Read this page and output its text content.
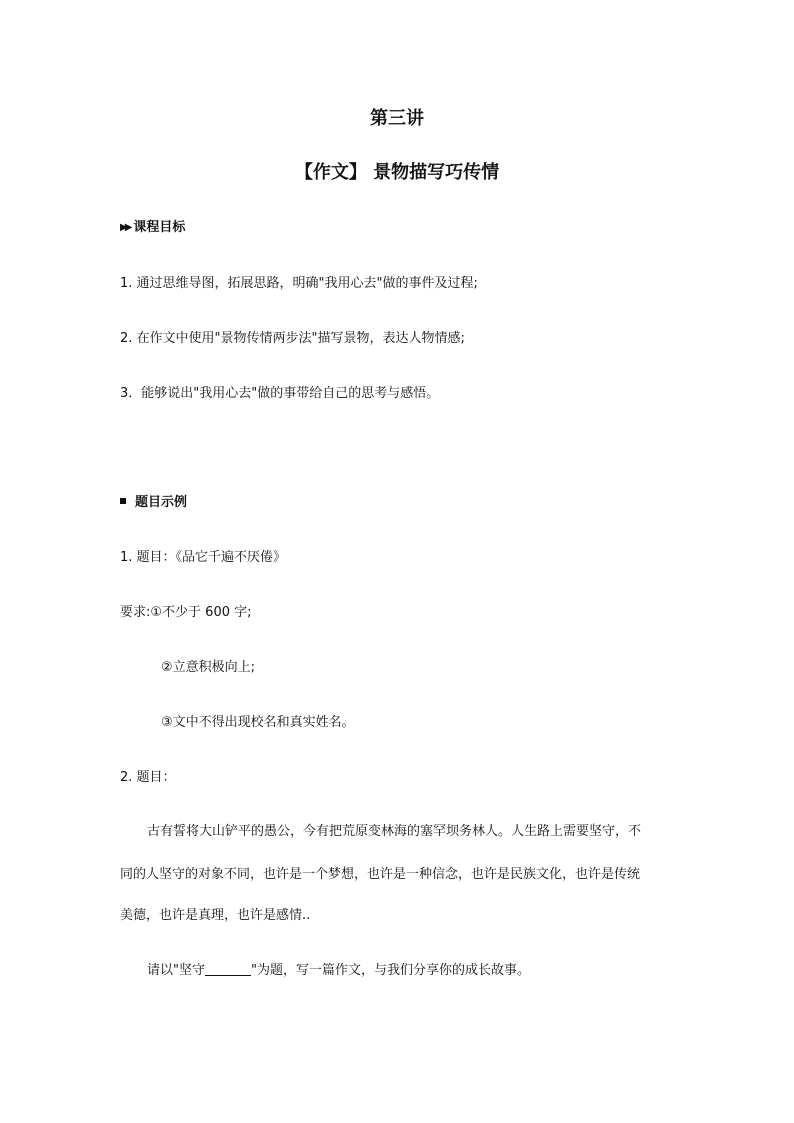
第三讲
【作文】 景物描写巧传情
▶▶ 课程目标
1. 通过思维导图，拓展思路，明确"我用心去"做的事件及过程;
2. 在作文中使用"景物传情两步法"描写景物，表达人物情感;
3．能够说出"我用心去"做的事带给自己的思考与感悟。
题目示例
1. 题目：《品它千遍不厌倦》
要求:①不少于 600 字;
②立意积极向上;
③文中不得出现校名和真实姓名。
2. 题目：
古有誓将大山铲平的愚公，今有把荒原变林海的塞罕坝务林人。人生路上需要坚守，不
同的人坚守的对象不同，也许是一个梦想，也许是一种信念，也许是民族文化，也许是传统
美德，也许是真理，也许是感情..
请以"坚守	"为题，写一篇作文，与我们分享你的成长故事。
